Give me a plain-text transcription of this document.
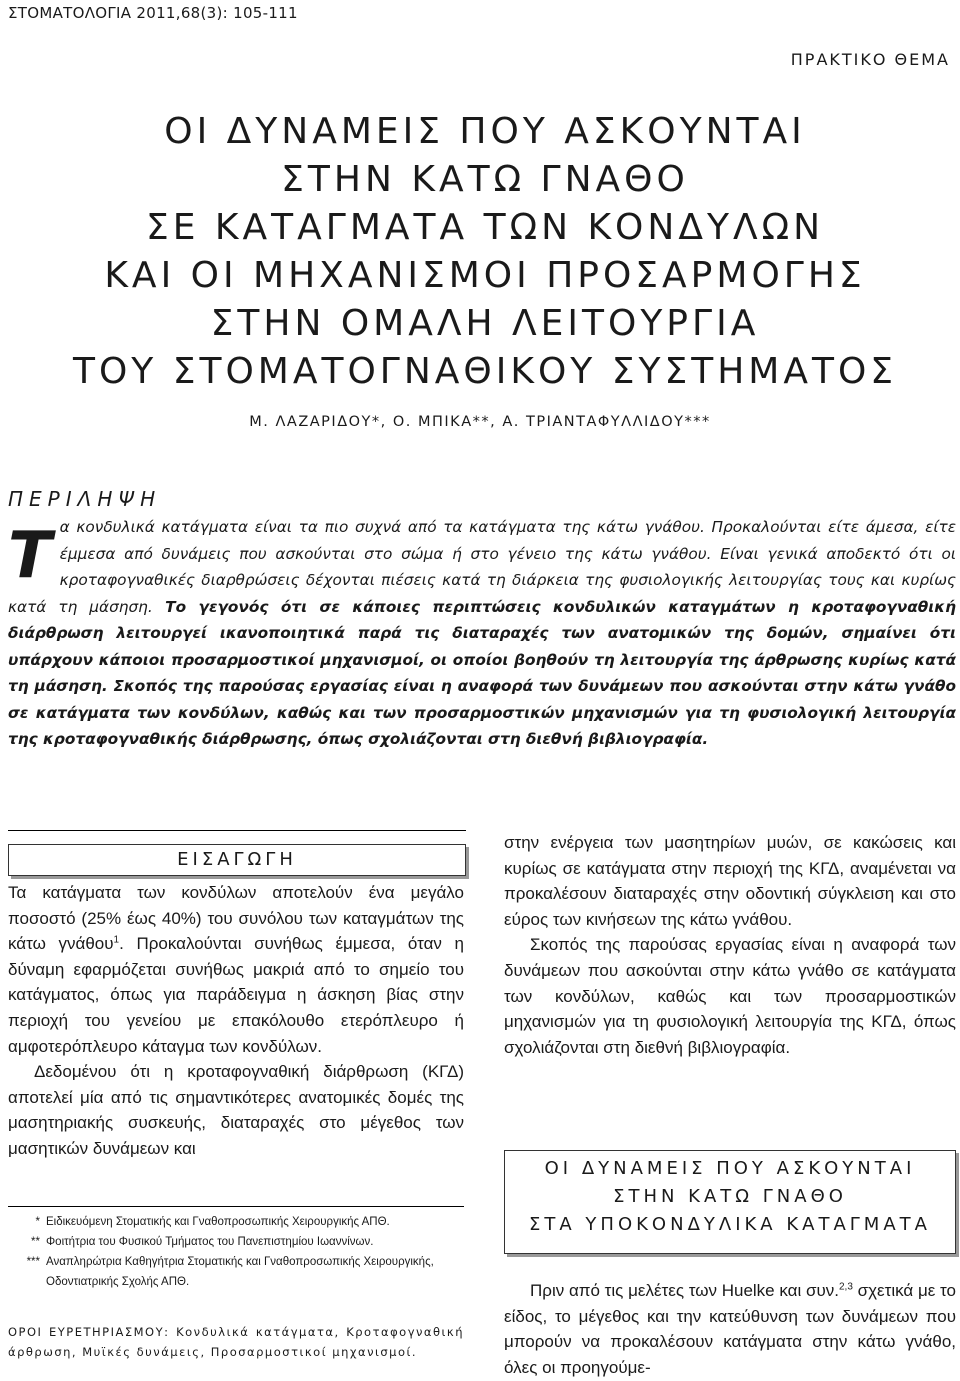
ΣΤΟΜΑΤΟΛΟΓΙΑ 2011,68(3): 105-111
ΠΡΑΚΤΙΚΟ ΘΕΜΑ
ΟΙ ΔΥΝΑΜΕΙΣ ΠΟΥ ΑΣΚΟΥΝΤΑΙ
ΣΤΗΝ ΚΑΤΩ ΓΝΑΘΟ
ΣΕ ΚΑΤΑΓΜΑΤΑ ΤΩΝ ΚΟΝΔΥΛΩΝ
ΚΑΙ ΟΙ ΜΗΧΑΝΙΣΜΟΙ ΠΡΟΣΑΡΜΟΓΗΣ
ΣΤΗΝ ΟΜΑΛΗ ΛΕΙΤΟΥΡΓΙΑ
ΤΟΥ ΣΤΟΜΑΤΟΓΝΑΘΙΚΟΥ ΣΥΣΤΗΜΑΤΟΣ
Μ. ΛΑΖΑΡΙΔΟΥ*, Ο. ΜΠΙΚΑ**, Α. ΤΡΙΑΝΤΑΦΥΛΛΙΔΟΥ***
ΠΕΡΙΛΗΨΗ

Τα κονδυλικά κατάγματα είναι τα πιο συχνά από τα κατάγματα της κάτω γνάθου. Προκαλούνται είτε άμεσα, είτε έμμεσα από δυνάμεις που ασκούνται στο σώμα ή στο γένειο της κάτω γνάθου. Είναι γενικά αποδεκτό ότι οι κροταφογναθικές διαρθρώσεις δέχονται πιέσεις κατά τη διάρκεια της φυσιολογικής λειτουργίας τους και κυρίως κατά τη μάσηση. Το γεγονός ότι σε κάποιες περιπτώσεις κονδυλικών καταγμάτων η κροταφογναθική διάρθρωση λειτουργεί ικανοποιητικά παρά τις διαταραχές των ανατομικών της δομών, σημαίνει ότι υπάρχουν κάποιοι προσαρμοστικοί μηχανισμοί, οι οποίοι βοηθούν τη λειτουργία της άρθρωσης κυρίως κατά τη μάσηση. Σκοπός της παρούσας εργασίας είναι η αναφορά των δυνάμεων που ασκούνται στην κάτω γνάθο σε κατάγματα των κονδύλων, καθώς και των προσαρμοστικών μηχανισμών για τη φυσιολογική λειτουργία της κροταφογναθικής διάρθρωσης, όπως σχολιάζονται στη διεθνή βιβλιογραφία.

ΕΙΣΑΓΩΓΗ

Τα κατάγματα των κονδύλων αποτελούν ένα μεγάλο ποσοστό (25% έως 40%) του συνόλου των καταγμάτων της κάτω γνάθου$^1$. Προκαλούνται συνήθως έμμεσα, όταν η δύναμη εφαρμόζεται συνήθως μακριά από το σημείο του κατάγματος, όπως για παράδειγμα η άσκηση βίας στην περιοχή του γενείου με επακόλουθο ετερόπλευρο ή αμφοτερόπλευρο κάταγμα των κονδύλων.

Δεδομένου ότι η κροταφογναθική διάρθρωση (ΚΓΔ) αποτελεί μία από τις σημαντικότερες ανατομικές δομές της μασητηριακής συσκευής, διαταραχές στο μέγεθος των μασητικών δυνάμεων και

* Ειδικευόμενη Στοματικής και Γναθοπροσωπικής Χειρουργικής ΑΠΘ.
** Φοιτήτρια του Φυσικού Τμήματος του Πανεπιστημίου Ιωαννίνων.
*** Αναπληρώτρια Καθηγήτρια Στοματικής και Γναθοπροσωπικής Χειρουργικής, Οδοντιατρικής Σχολής ΑΠΘ.
ΟΡΟΙ ΕΥΡΕΤΗΡΙΑΣΜΟΥ: Κονδυλικά κατάγματα, Κροταφογναθική άρθρωση, Μυϊκές δυνάμεις, Προσαρμοστικοί μηχανισμοί.

στην ενέργεια των μασητηρίων μυών, σε κακώσεις και κυρίως σε κατάγματα στην περιοχή της ΚΓΔ, αναμένεται να προκαλέσουν διαταραχές στην οδοντική σύγκλειση και στο εύρος των κινήσεων της κάτω γνάθου.

Σκοπός της παρούσας εργασίας είναι η αναφορά των δυνάμεων που ασκούνται στην κάτω γνάθο σε κατάγματα των κονδύλων, καθώς και των προσαρμοστικών μηχανισμών για τη φυσιολογική λειτουργία της ΚΓΔ, όπως σχολιάζονται στη διεθνή βιβλιογραφία.

ΟΙ ΔΥΝΑΜΕΙΣ ΠΟΥ ΑΣΚΟΥΝΤΑΙ
ΣΤΗΝ ΚΑΤΩ ΓΝΑΘΟ
ΣΤΑ ΥΠΟΚΟΝΔΥΛΙΚΑ ΚΑΤΑΓΜΑΤΑ

Πριν από τις μελέτες των Huelke και συν.$^{2,3}$ σχετικά με το είδος, το μέγεθος και την κατεύθυνση των δυνάμεων που μπορούν να προκαλέσουν κατάγματα στην κάτω γνάθο, όλες οι προηγούμε-
